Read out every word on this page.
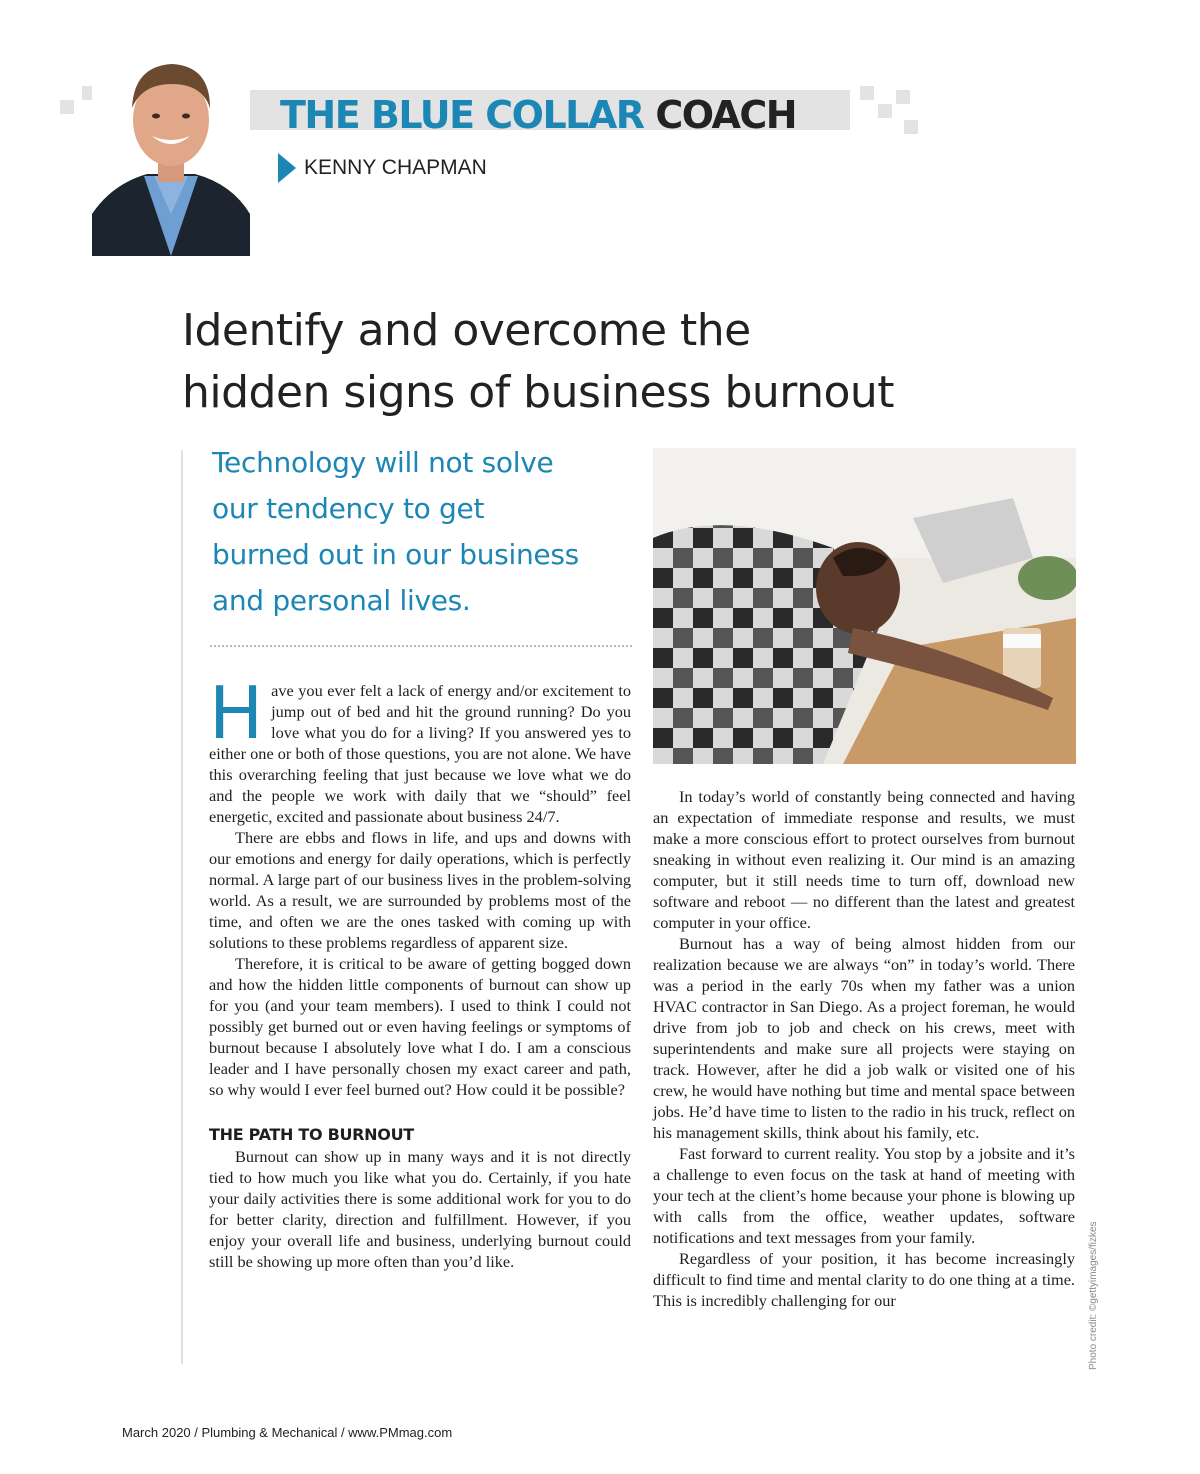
THE BLUE COLLAR COACH
KENNY CHAPMAN
Identify and overcome the
hidden signs of business burnout
Technology will not solve
our tendency to get
burned out in our business
and personal lives.

Have you ever felt a lack of energy and/or excitement to jump out of bed and hit the ground running? Do you love what you do for a living? If you answered yes to either one or both of those questions, you are not alone. We have this overarching feeling that just because we love what we do and the people we work with daily that we “should” feel energetic, excited and passionate about business 24/7.

There are ebbs and flows in life, and ups and downs with our emotions and energy for daily operations, which is perfectly normal. A large part of our business lives in the problem-solving world. As a result, we are surrounded by problems most of the time, and often we are the ones tasked with coming up with solutions to these problems regardless of apparent size.

Therefore, it is critical to be aware of getting bogged down and how the hidden little components of burnout can show up for you (and your team members). I used to think I could not possibly get burned out or even having feelings or symptoms of burnout because I absolutely love what I do. I am a conscious leader and I have personally chosen my exact career and path, so why would I ever feel burned out? How could it be possible?

THE PATH TO BURNOUT

Burnout can show up in many ways and it is not directly tied to how much you like what you do. Certainly, if you hate your daily activities there is some additional work for you to do for better clarity, direction and fulfillment. However, if you enjoy your overall life and business, underlying burnout could still be showing up more often than you’d like.

In today’s world of constantly being connected and having an expectation of immediate response and results, we must make a more conscious effort to protect ourselves from burnout sneaking in without even realizing it. Our mind is an amazing computer, but it still needs time to turn off, download new software and reboot — no different than the latest and greatest computer in your office.

Burnout has a way of being almost hidden from our realization because we are always “on” in today’s world. There was a period in the early 70s when my father was a union HVAC contractor in San Diego. As a project foreman, he would drive from job to job and check on his crews, meet with superintendents and make sure all projects were staying on track. However, after he did a job walk or visited one of his crew, he would have nothing but time and mental space between jobs. He’d have time to listen to the radio in his truck, reflect on his management skills, think about his family, etc.

Fast forward to current reality. You stop by a jobsite and it’s a challenge to even focus on the task at hand of meeting with your tech at the client’s home because your phone is blowing up with calls from the office, weather updates, software notifications and text messages from your family.

Regardless of your position, it has become increasingly difficult to find time and mental clarity to do one thing at a time. This is incredibly challenging for our	Photo credit: ©gettyimages/fizkes
March 2020 / Plumbing & Mechanical / www.PMmag.com
